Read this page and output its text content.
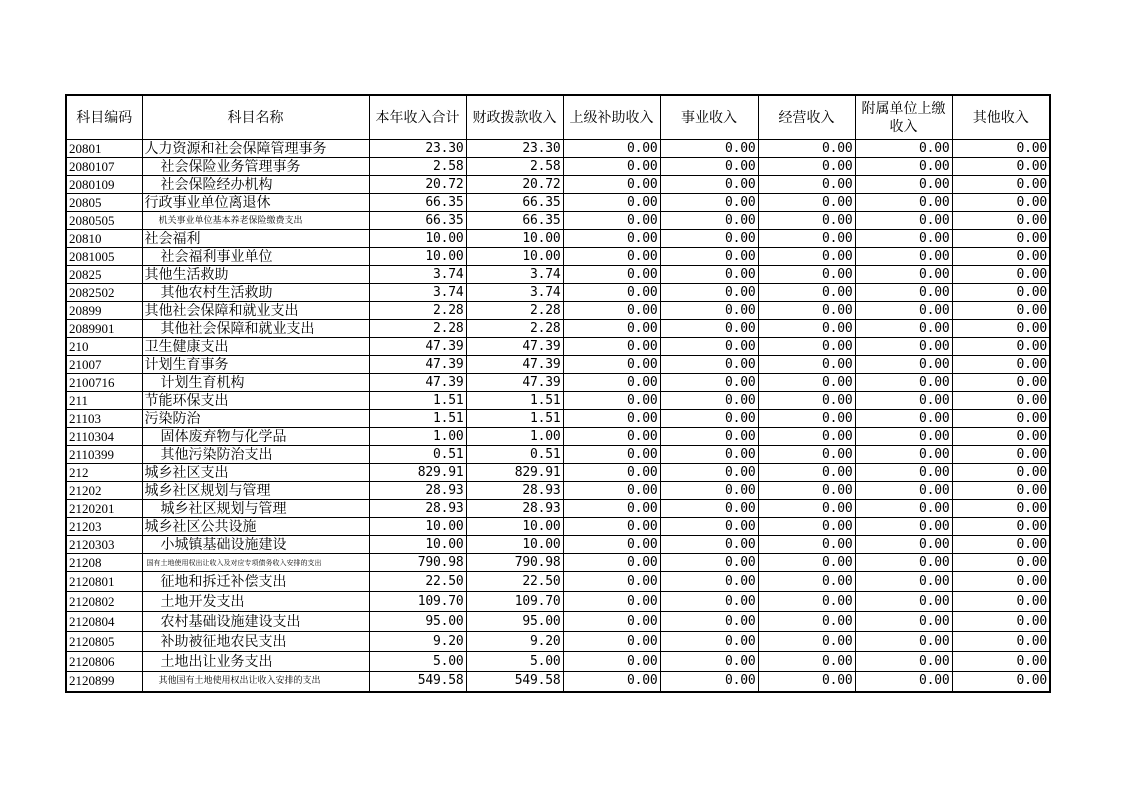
科目编码	科目名称	本年收入合计	财政拨款收入	上级补助收入	事业收入	经营收入	附属单位上缴收入	其他收入
20801	人力资源和社会保障管理事务	23.30	23.30	0.00	0.00	0.00	0.00	0.00
2080107	社会保险业务管理事务	2.58	2.58	0.00	0.00	0.00	0.00	0.00
2080109	社会保险经办机构	20.72	20.72	0.00	0.00	0.00	0.00	0.00
20805	行政事业单位离退休	66.35	66.35	0.00	0.00	0.00	0.00	0.00
2080505	机关事业单位基本养老保险缴费支出	66.35	66.35	0.00	0.00	0.00	0.00	0.00
20810	社会福利	10.00	10.00	0.00	0.00	0.00	0.00	0.00
2081005	社会福利事业单位	10.00	10.00	0.00	0.00	0.00	0.00	0.00
20825	其他生活救助	3.74	3.74	0.00	0.00	0.00	0.00	0.00
2082502	其他农村生活救助	3.74	3.74	0.00	0.00	0.00	0.00	0.00
20899	其他社会保障和就业支出	2.28	2.28	0.00	0.00	0.00	0.00	0.00
2089901	其他社会保障和就业支出	2.28	2.28	0.00	0.00	0.00	0.00	0.00
210	卫生健康支出	47.39	47.39	0.00	0.00	0.00	0.00	0.00
21007	计划生育事务	47.39	47.39	0.00	0.00	0.00	0.00	0.00
2100716	计划生育机构	47.39	47.39	0.00	0.00	0.00	0.00	0.00
211	节能环保支出	1.51	1.51	0.00	0.00	0.00	0.00	0.00
21103	污染防治	1.51	1.51	0.00	0.00	0.00	0.00	0.00
2110304	固体废弃物与化学品	1.00	1.00	0.00	0.00	0.00	0.00	0.00
2110399	其他污染防治支出	0.51	0.51	0.00	0.00	0.00	0.00	0.00
212	城乡社区支出	829.91	829.91	0.00	0.00	0.00	0.00	0.00
21202	城乡社区规划与管理	28.93	28.93	0.00	0.00	0.00	0.00	0.00
2120201	城乡社区规划与管理	28.93	28.93	0.00	0.00	0.00	0.00	0.00
21203	城乡社区公共设施	10.00	10.00	0.00	0.00	0.00	0.00	0.00
2120303	小城镇基础设施建设	10.00	10.00	0.00	0.00	0.00	0.00	0.00
21208	国有土地使用权出让收入及对应专项债务收入安排的支出	790.98	790.98	0.00	0.00	0.00	0.00	0.00
2120801	征地和拆迁补偿支出	22.50	22.50	0.00	0.00	0.00	0.00	0.00
2120802	土地开发支出	109.70	109.70	0.00	0.00	0.00	0.00	0.00
2120804	农村基础设施建设支出	95.00	95.00	0.00	0.00	0.00	0.00	0.00
2120805	补助被征地农民支出	9.20	9.20	0.00	0.00	0.00	0.00	0.00
2120806	土地出让业务支出	5.00	5.00	0.00	0.00	0.00	0.00	0.00
2120899	其他国有土地使用权出让收入安排的支出	549.58	549.58	0.00	0.00	0.00	0.00	0.00
